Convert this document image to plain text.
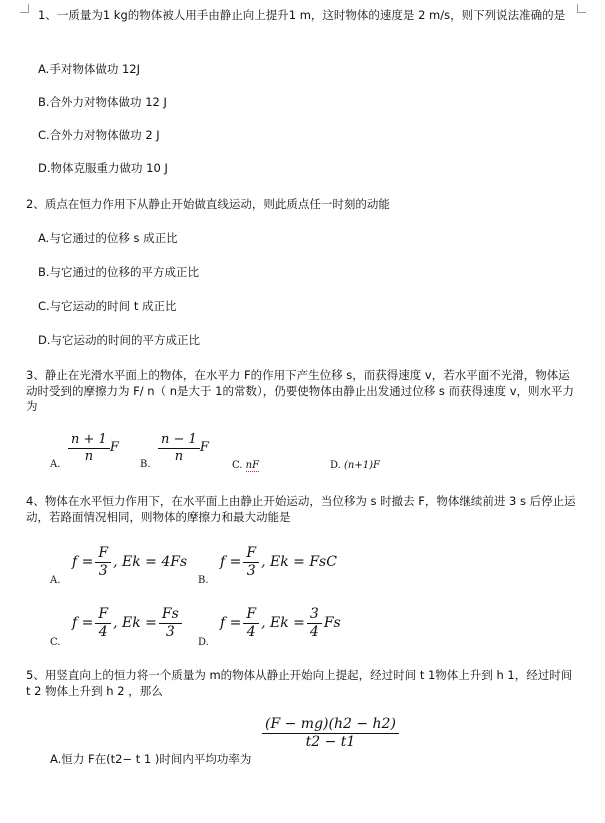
1、一质量为1 kg的物体被人用手由静止向上提升1 m，这时物体的速度是 2 m/s，则下列说法准确的是
A.手对物体做功 12J
B.合外力对物体做功 12 J
C.合外力对物体做功 2 J
D.物体克服重力做功 10 J
2、质点在恒力作用下从静止开始做直线运动，则此质点任一时刻的动能
A.与它通过的位移 s 成正比
B.与它通过的位移的平方成正比
C.与它运动的时间 t 成正比
D.与它运动的时间的平方成正比
3、静止在光滑水平面上的物体，在水平力 F的作用下产生位移 s，而获得速度 v，若水平面不光滑，物体运动时受到的摩擦力为 F/ n（ n是大于 1的常数），仍要使物体由静止出发通过位移 s 而获得速度 v，则水平力为
A.
$\frac{n + 1}{n}$ F
B.
$\frac{n - 1}{n}$ F
C. nF	D. (n+1)F
4、物体在水平恒力作用下，在水平面上由静止开始运动，当位移为 s 时撤去 F，物体继续前进 3 s 后停止运动，若路面情况相同，则物体的摩擦力和最大动能是
A.
$f = \frac{F}{3}$ , Ek = 4Fs
B.
$f = \frac{F}{3}$ , Ek = FsC
C.
$f = \frac{F}{4}$ , $Ek = \frac{Fs}{3}$
D.
$f = \frac{F}{4}$ , $Ek = \frac{3}{4}$ Fs
5、用竖直向上的恒力将一个质量为 m的物体从静止开始向上提起，经过时间 t 1物体上升到 h 1，经过时间 t 2 物体上升到 h 2 ，那么
A.恒力 F在(t2− t 1 )时间内平均功率为
$\frac{(F - mg)(h2 - h2)}{t2 - t1}$
